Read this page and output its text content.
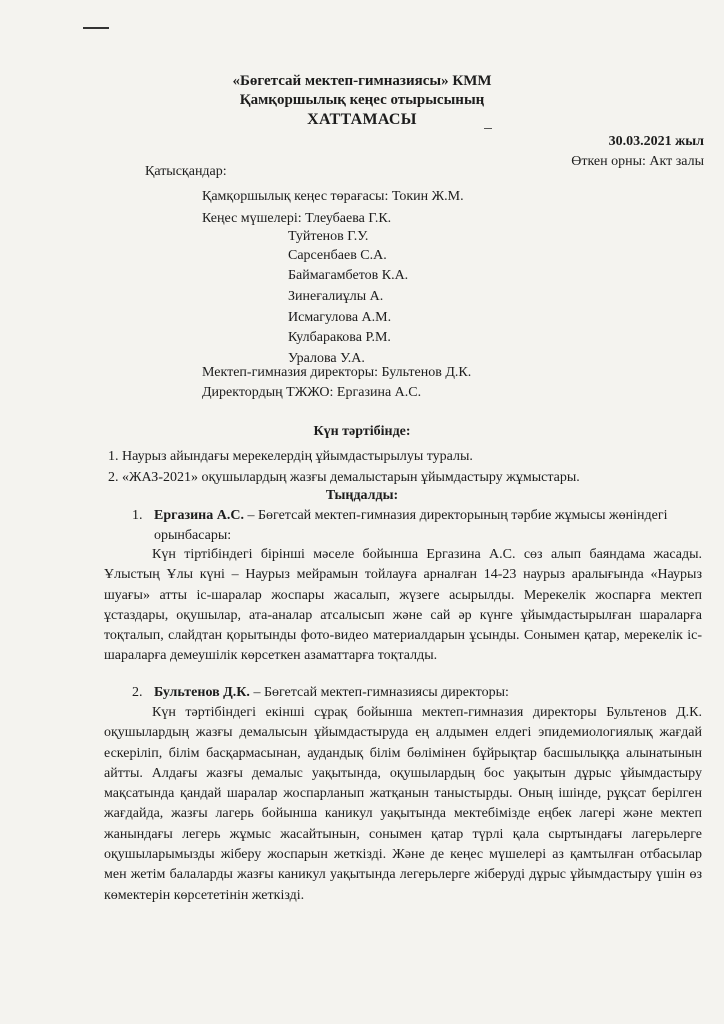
«Бөгетсай мектеп-гимназиясы» КММ
Қамқоршылық кеңес отырысының
ХАТТАМАСЫ
30.03.2021 жыл
Өткен орны: Акт залы
Қатысқандар:
Қамқоршылық кеңес төрағасы: Токин Ж.М.
Кеңес мүшелері: Тлеубаева Г.К.
Туйтенов Г.У.
Сарсенбаев С.А.
Баймагамбетов К.А.
Зинеғалиұлы А.
Исмагулова А.М.
Кулбаракова Р.М.
Уралова У.А.
Мектеп-гимназия директоры: Бультенов Д.К.
Директордың ТЖЖО: Ергазина А.С.
Күн тәртібінде:
1. Наурыз айындағы мерекелердің ұйымдастырылуы туралы.
2. «ЖАЗ-2021» оқушылардың жазғы демалыстарын ұйымдастыру жұмыстары.
Тыңдалды:
1. Ергазина А.С. – Бөгетсай мектеп-гимназия директорының тәрбие жұмысы жөніндегі
орынбасары:

Күн тіртібіндегі бірінші мәселе бойынша Ергазина А.С. сөз алып баяндама жасады. Ұлыстың Ұлы күні – Наурыз мейрамын тойлауға арналған 14-23 наурыз аралығында «Наурыз шуағы» атты іс-шаралар жоспары жасалып, жүзеге асырылды. Мерекелік жоспарға мектеп ұстаздары, оқушылар, ата-аналар атсалысып және сай әр күнге ұйымдастырылған шараларға тоқталып, слайдтан қорытынды фото-видео материалдарын ұсынды. Сонымен қатар, мерекелік іс-шараларға демеушілік көрсеткен азаматтарға тоқталды.

2. Бультенов Д.К. – Бөгетсай мектеп-гимназиясы директоры:

Күн тәртібіндегі екінші сұрақ бойынша мектеп-гимназия директоры Бультенов Д.К. оқушылардың жазғы демалысын ұйымдастыруда ең алдымен елдегі эпидемиологиялық жағдай ескеріліп, білім басқармасынан, аудандық білім бөлімінен бұйрықтар басшылыққа алынатынын айтты. Алдағы жазғы демалыс уақытында, оқушылардың бос уақытын дұрыс ұйымдастыру мақсатында қандай шаралар жоспарланып жатқанын таныстырды. Оның ішінде, рұқсат берілген жағдайда, жазғы лагерь бойынша каникул уақытында мектебімізде еңбек лагері және мектеп жанындағы легерь жұмыс жасайтынын, сонымен қатар түрлі қала сыртындағы лагерьлерге оқушыларымызды жіберу жоспарын жеткізді. Және де кеңес мүшелері аз қамтылған отбасылар мен жетім балаларды жазғы каникул уақытында легерьлерге жіберуді дұрыс ұйымдастыру үшін өз көмектерін көрсететінін жеткізді.
